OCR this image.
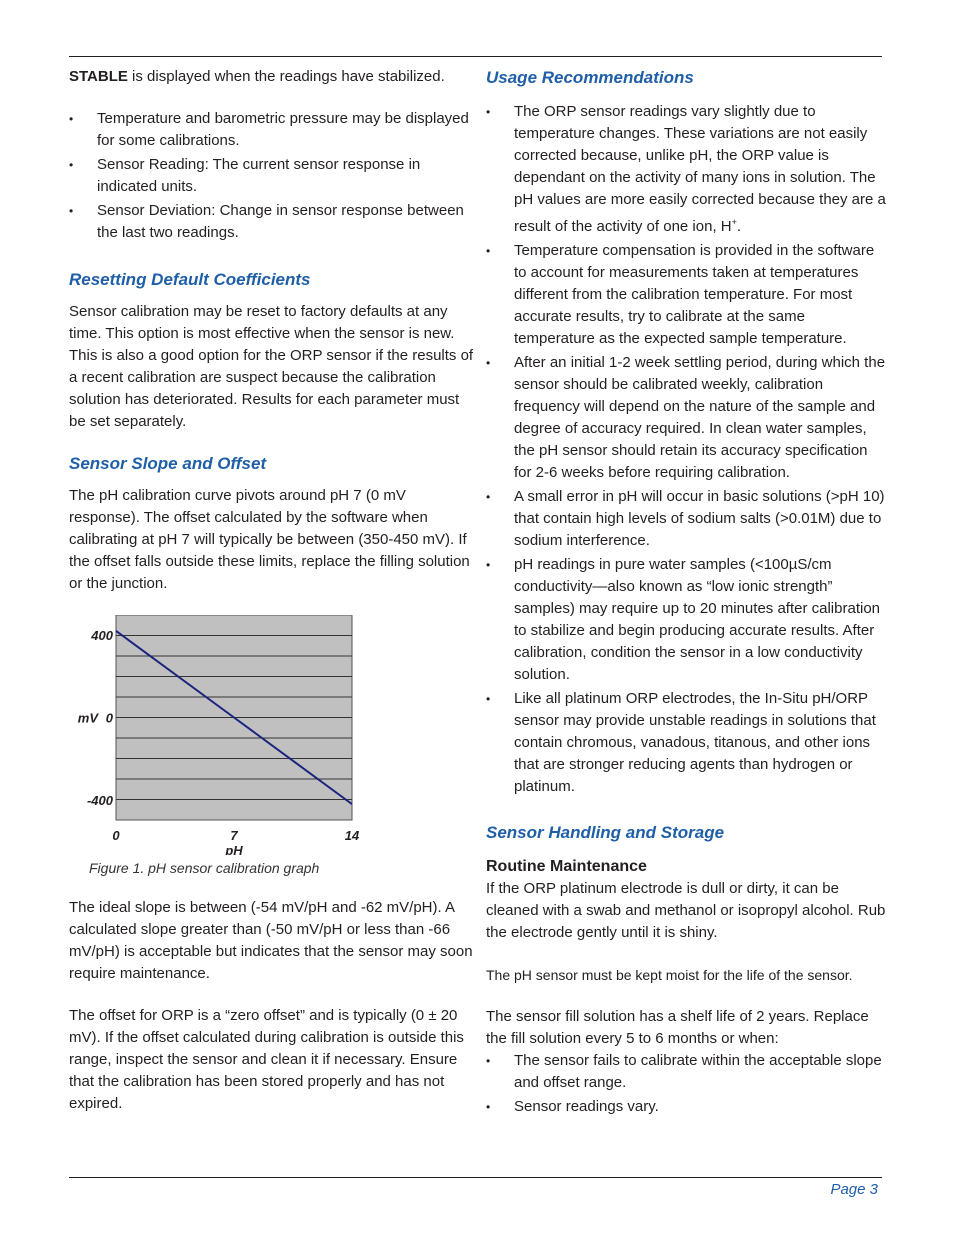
STABLE is displayed when the readings have stabilized.

• Temperature and barometric pressure may be displayed for some calibrations.
• Sensor Reading: The current sensor response in indicated units.
• Sensor Deviation: Change in sensor response between the last two readings.
Resetting Default Coefficients

Sensor calibration may be reset to factory defaults at any time. This option is most effective when the sensor is new. This is also a good option for the ORP sensor if the results of a recent calibration are suspect because the calibration solution has deteriorated. Results for each parameter must be set separately.

Sensor Slope and Offset

The pH calibration curve pivots around pH 7 (0 mV response). The offset calculated by the software when calibrating at pH 7 will typically be between (350-450 mV). If the offset falls outside these limits, replace the filling solution or the junction.

400
0
-400
0	7	14
pH
mV

Figure 1. pH sensor calibration graph

The ideal slope is between (-54 mV/pH and -62 mV/pH). A calculated slope greater than (-50 mV/pH or less than -66 mV/pH) is acceptable but indicates that the sensor may soon require maintenance.

The offset for ORP is a “zero offset” and is typically (0 ± 20 mV). If the offset calculated during calibration is outside this range, inspect the sensor and clean it if necessary. Ensure that the calibration has been stored properly and has not expired.

Usage Recommendations
• The ORP sensor readings vary slightly due to temperature changes. These variations are not easily corrected because, unlike pH, the ORP value is dependant on the activity of many ions in solution. The pH values are more easily corrected because they are a result of the activity of one ion, H+.
• Temperature compensation is provided in the software to account for measurements taken at temperatures different from the calibration temperature. For most accurate results, try to calibrate at the same temperature as the expected sample temperature.
• After an initial 1-2 week settling period, during which the sensor should be calibrated weekly, calibration frequency will depend on the nature of the sample and degree of accuracy required. In clean water samples, the pH sensor should retain its accuracy specification for 2-6 weeks before requiring calibration.
• A small error in pH will occur in basic solutions (>pH 10) that contain high levels of sodium salts (>0.01M) due to sodium interference.
• pH readings in pure water samples (<100µS/cm conductivity—also known as “low ionic strength” samples) may require up to 20 minutes after calibration to stabilize and begin producing accurate results. After calibration, condition the sensor in a low conductivity solution.
• Like all platinum ORP electrodes, the In-Situ pH/ORP sensor may provide unstable readings in solutions that contain chromous, vanadous, titanous, and other ions that are stronger reducing agents than hydrogen or platinum.
Sensor Handling and Storage
Routine Maintenance

If the ORP platinum electrode is dull or dirty, it can be cleaned with a swab and methanol or isopropyl alcohol. Rub the electrode gently until it is shiny.

The pH sensor must be kept moist for the life of the sensor.

The sensor fill solution has a shelf life of 2 years. Replace the fill solution every 5 to 6 months or when:

• The sensor fails to calibrate within the acceptable slope and offset range.
• Sensor readings vary.
Page 3
